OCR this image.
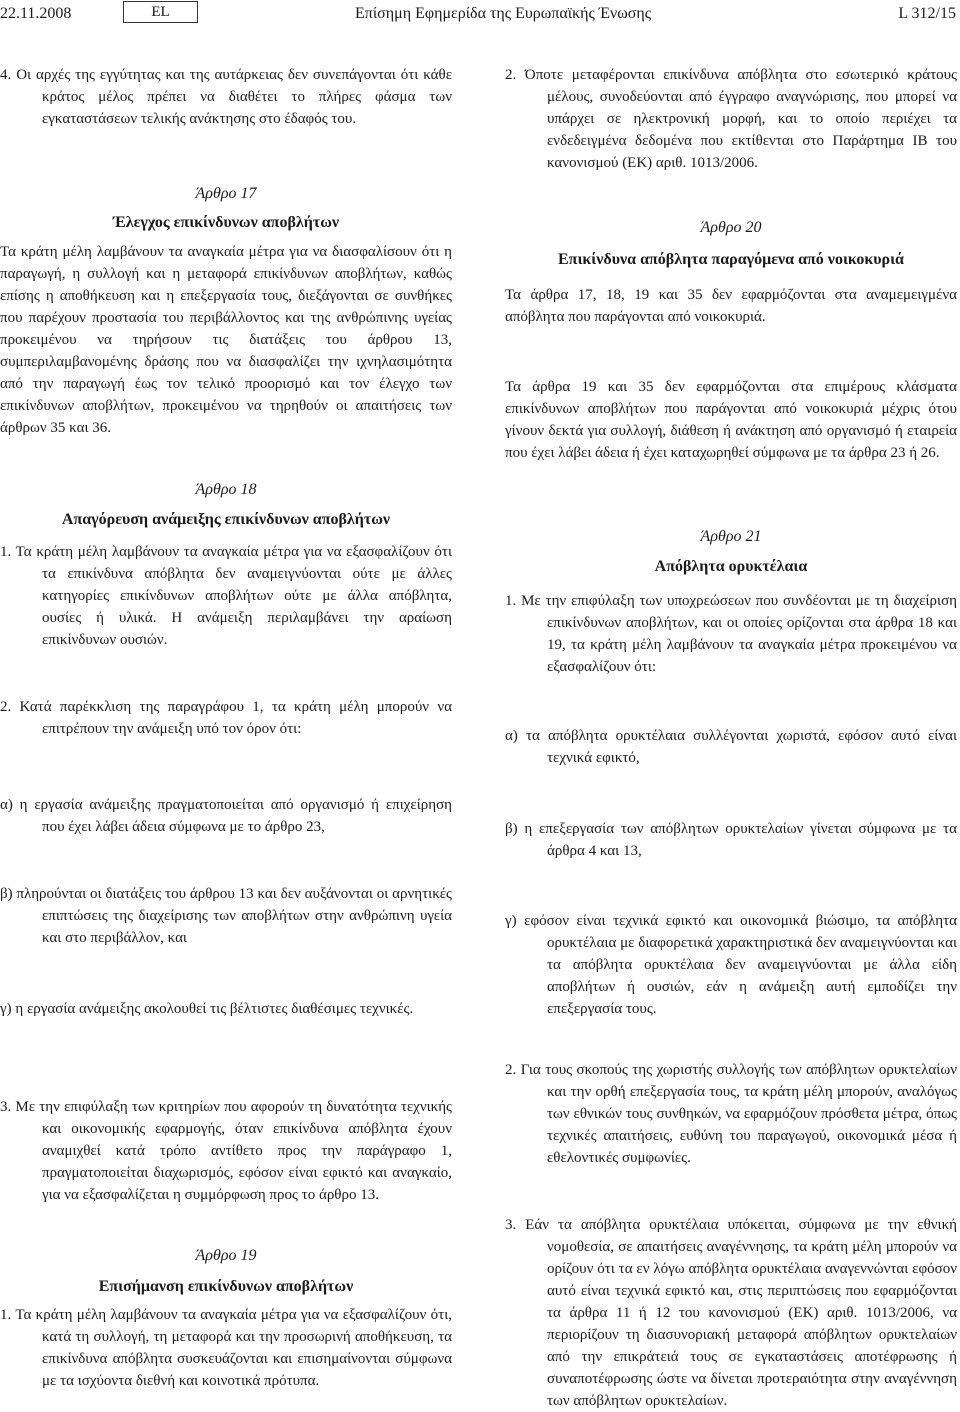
22.11.2008	EL	Επίσημη Εφημερίδα της Ευρωπαϊκής Ένωσης	L 312/15

4. Οι αρχές της εγγύτητας και της αυτάρκειας δεν συνεπάγονται ότι κάθε κράτος μέλος πρέπει να διαθέτει το πλήρες φάσμα των εγκαταστάσεων τελικής ανάκτησης στο έδαφός του.

Άρθρο 17
Έλεγχος επικίνδυνων αποβλήτων

Τα κράτη μέλη λαμβάνουν τα αναγκαία μέτρα για να διασφαλίσουν ότι η παραγωγή, η συλλογή και η μεταφορά επικίνδυνων αποβλήτων, καθώς επίσης η αποθήκευση και η επεξεργασία τους, διεξάγονται σε συνθήκες που παρέχουν προστασία του περιβάλλοντος και της ανθρώπινης υγείας προκειμένου να τηρήσουν τις διατάξεις του άρθρου 13, συμπεριλαμβανομένης δράσης που να διασφαλίζει την ιχνηλασιμότητα από την παραγωγή έως τον τελικό προορισμό και τον έλεγχο των επικίνδυνων αποβλήτων, προκειμένου να τηρηθούν οι απαιτήσεις των άρθρων 35 και 36.

Άρθρο 18
Απαγόρευση ανάμειξης επικίνδυνων αποβλήτων

1. Τα κράτη μέλη λαμβάνουν τα αναγκαία μέτρα για να εξασφαλίζουν ότι τα επικίνδυνα απόβλητα δεν αναμειγνύονται ούτε με άλλες κατηγορίες επικίνδυνων αποβλήτων ούτε με άλλα απόβλητα, ουσίες ή υλικά. Η ανάμειξη περιλαμβάνει την αραίωση επικίνδυνων ουσιών.

2. Κατά παρέκκλιση της παραγράφου 1, τα κράτη μέλη μπορούν να επιτρέπουν την ανάμειξη υπό τον όρον ότι:

α) η εργασία ανάμειξης πραγματοποιείται από οργανισμό ή επιχείρηση που έχει λάβει άδεια σύμφωνα με το άρθρο 23,

β) πληρούνται οι διατάξεις του άρθρου 13 και δεν αυξάνονται οι αρνητικές επιπτώσεις της διαχείρισης των αποβλήτων στην ανθρώπινη υγεία και στο περιβάλλον, και

γ) η εργασία ανάμειξης ακολουθεί τις βέλτιστες διαθέσιμες τεχνικές.

3. Με την επιφύλαξη των κριτηρίων που αφορούν τη δυνατότητα τεχνικής και οικονομικής εφαρμογής, όταν επικίνδυνα απόβλητα έχουν αναμιχθεί κατά τρόπο αντίθετο προς την παράγραφο 1, πραγματοποιείται διαχωρισμός, εφόσον είναι εφικτό και αναγκαίο, για να εξασφαλίζεται η συμμόρφωση προς το άρθρο 13.

Άρθρο 19
Επισήμανση επικίνδυνων αποβλήτων

1. Τα κράτη μέλη λαμβάνουν τα αναγκαία μέτρα για να εξασφαλίζουν ότι, κατά τη συλλογή, τη μεταφορά και την προσωρινή αποθήκευση, τα επικίνδυνα απόβλητα συσκευάζονται και επισημαίνονται σύμφωνα με τα ισχύοντα διεθνή και κοινοτικά πρότυπα.

2. Όποτε μεταφέρονται επικίνδυνα απόβλητα στο εσωτερικό κράτους μέλους, συνοδεύονται από έγγραφο αναγνώρισης, που μπορεί να υπάρχει σε ηλεκτρονική μορφή, και το οποίο περιέχει τα ενδεδειγμένα δεδομένα που εκτίθενται στο Παράρτημα IB του κανονισμού (ΕΚ) αριθ. 1013/2006.

Άρθρο 20
Επικίνδυνα απόβλητα παραγόμενα από νοικοκυριά

Τα άρθρα 17, 18, 19 και 35 δεν εφαρμόζονται στα αναμεμειγμένα απόβλητα που παράγονται από νοικοκυριά.

Τα άρθρα 19 και 35 δεν εφαρμόζονται στα επιμέρους κλάσματα επικίνδυνων αποβλήτων που παράγονται από νοικοκυριά μέχρις ότου γίνουν δεκτά για συλλογή, διάθεση ή ανάκτηση από οργανισμό ή εταιρεία που έχει λάβει άδεια ή έχει καταχωρηθεί σύμφωνα με τα άρθρα 23 ή 26.

Άρθρο 21
Απόβλητα ορυκτέλαια

1. Με την επιφύλαξη των υποχρεώσεων που συνδέονται με τη διαχείριση επικίνδυνων αποβλήτων, και οι οποίες ορίζονται στα άρθρα 18 και 19, τα κράτη μέλη λαμβάνουν τα αναγκαία μέτρα προκειμένου να εξασφαλίζουν ότι:

α) τα απόβλητα ορυκτέλαια συλλέγονται χωριστά, εφόσον αυτό είναι τεχνικά εφικτό,

β) η επεξεργασία των απόβλητων ορυκτελαίων γίνεται σύμφωνα με τα άρθρα 4 και 13,

γ) εφόσον είναι τεχνικά εφικτό και οικονομικά βιώσιμο, τα απόβλητα ορυκτέλαια με διαφορετικά χαρακτηριστικά δεν αναμειγνύονται και τα απόβλητα ορυκτέλαια δεν αναμειγνύονται με άλλα είδη αποβλήτων ή ουσιών, εάν η ανάμειξη αυτή εμποδίζει την επεξεργασία τους.

2. Για τους σκοπούς της χωριστής συλλογής των απόβλητων ορυκτελαίων και την ορθή επεξεργασία τους, τα κράτη μέλη μπορούν, αναλόγως των εθνικών τους συνθηκών, να εφαρμόζουν πρόσθετα μέτρα, όπως τεχνικές απαιτήσεις, ευθύνη του παραγωγού, οικονομικά μέσα ή εθελοντικές συμφωνίες.

3. Εάν τα απόβλητα ορυκτέλαια υπόκειται, σύμφωνα με την εθνική νομοθεσία, σε απαιτήσεις αναγέννησης, τα κράτη μέλη μπορούν να ορίζουν ότι τα εν λόγω απόβλητα ορυκτέλαια αναγεννώνται εφόσον αυτό είναι τεχνικά εφικτό και, στις περιπτώσεις που εφαρμόζονται τα άρθρα 11 ή 12 του κανονισμού (ΕΚ) αριθ. 1013/2006, να περιορίζουν τη διασυνοριακή μεταφορά απόβλητων ορυκτελαίων από την επικράτειά τους σε εγκαταστάσεις αποτέφρωσης ή συναποτέφρωσης ώστε να δίνεται προτεραιότητα στην αναγέννηση των απόβλητων ορυκτελαίων.
